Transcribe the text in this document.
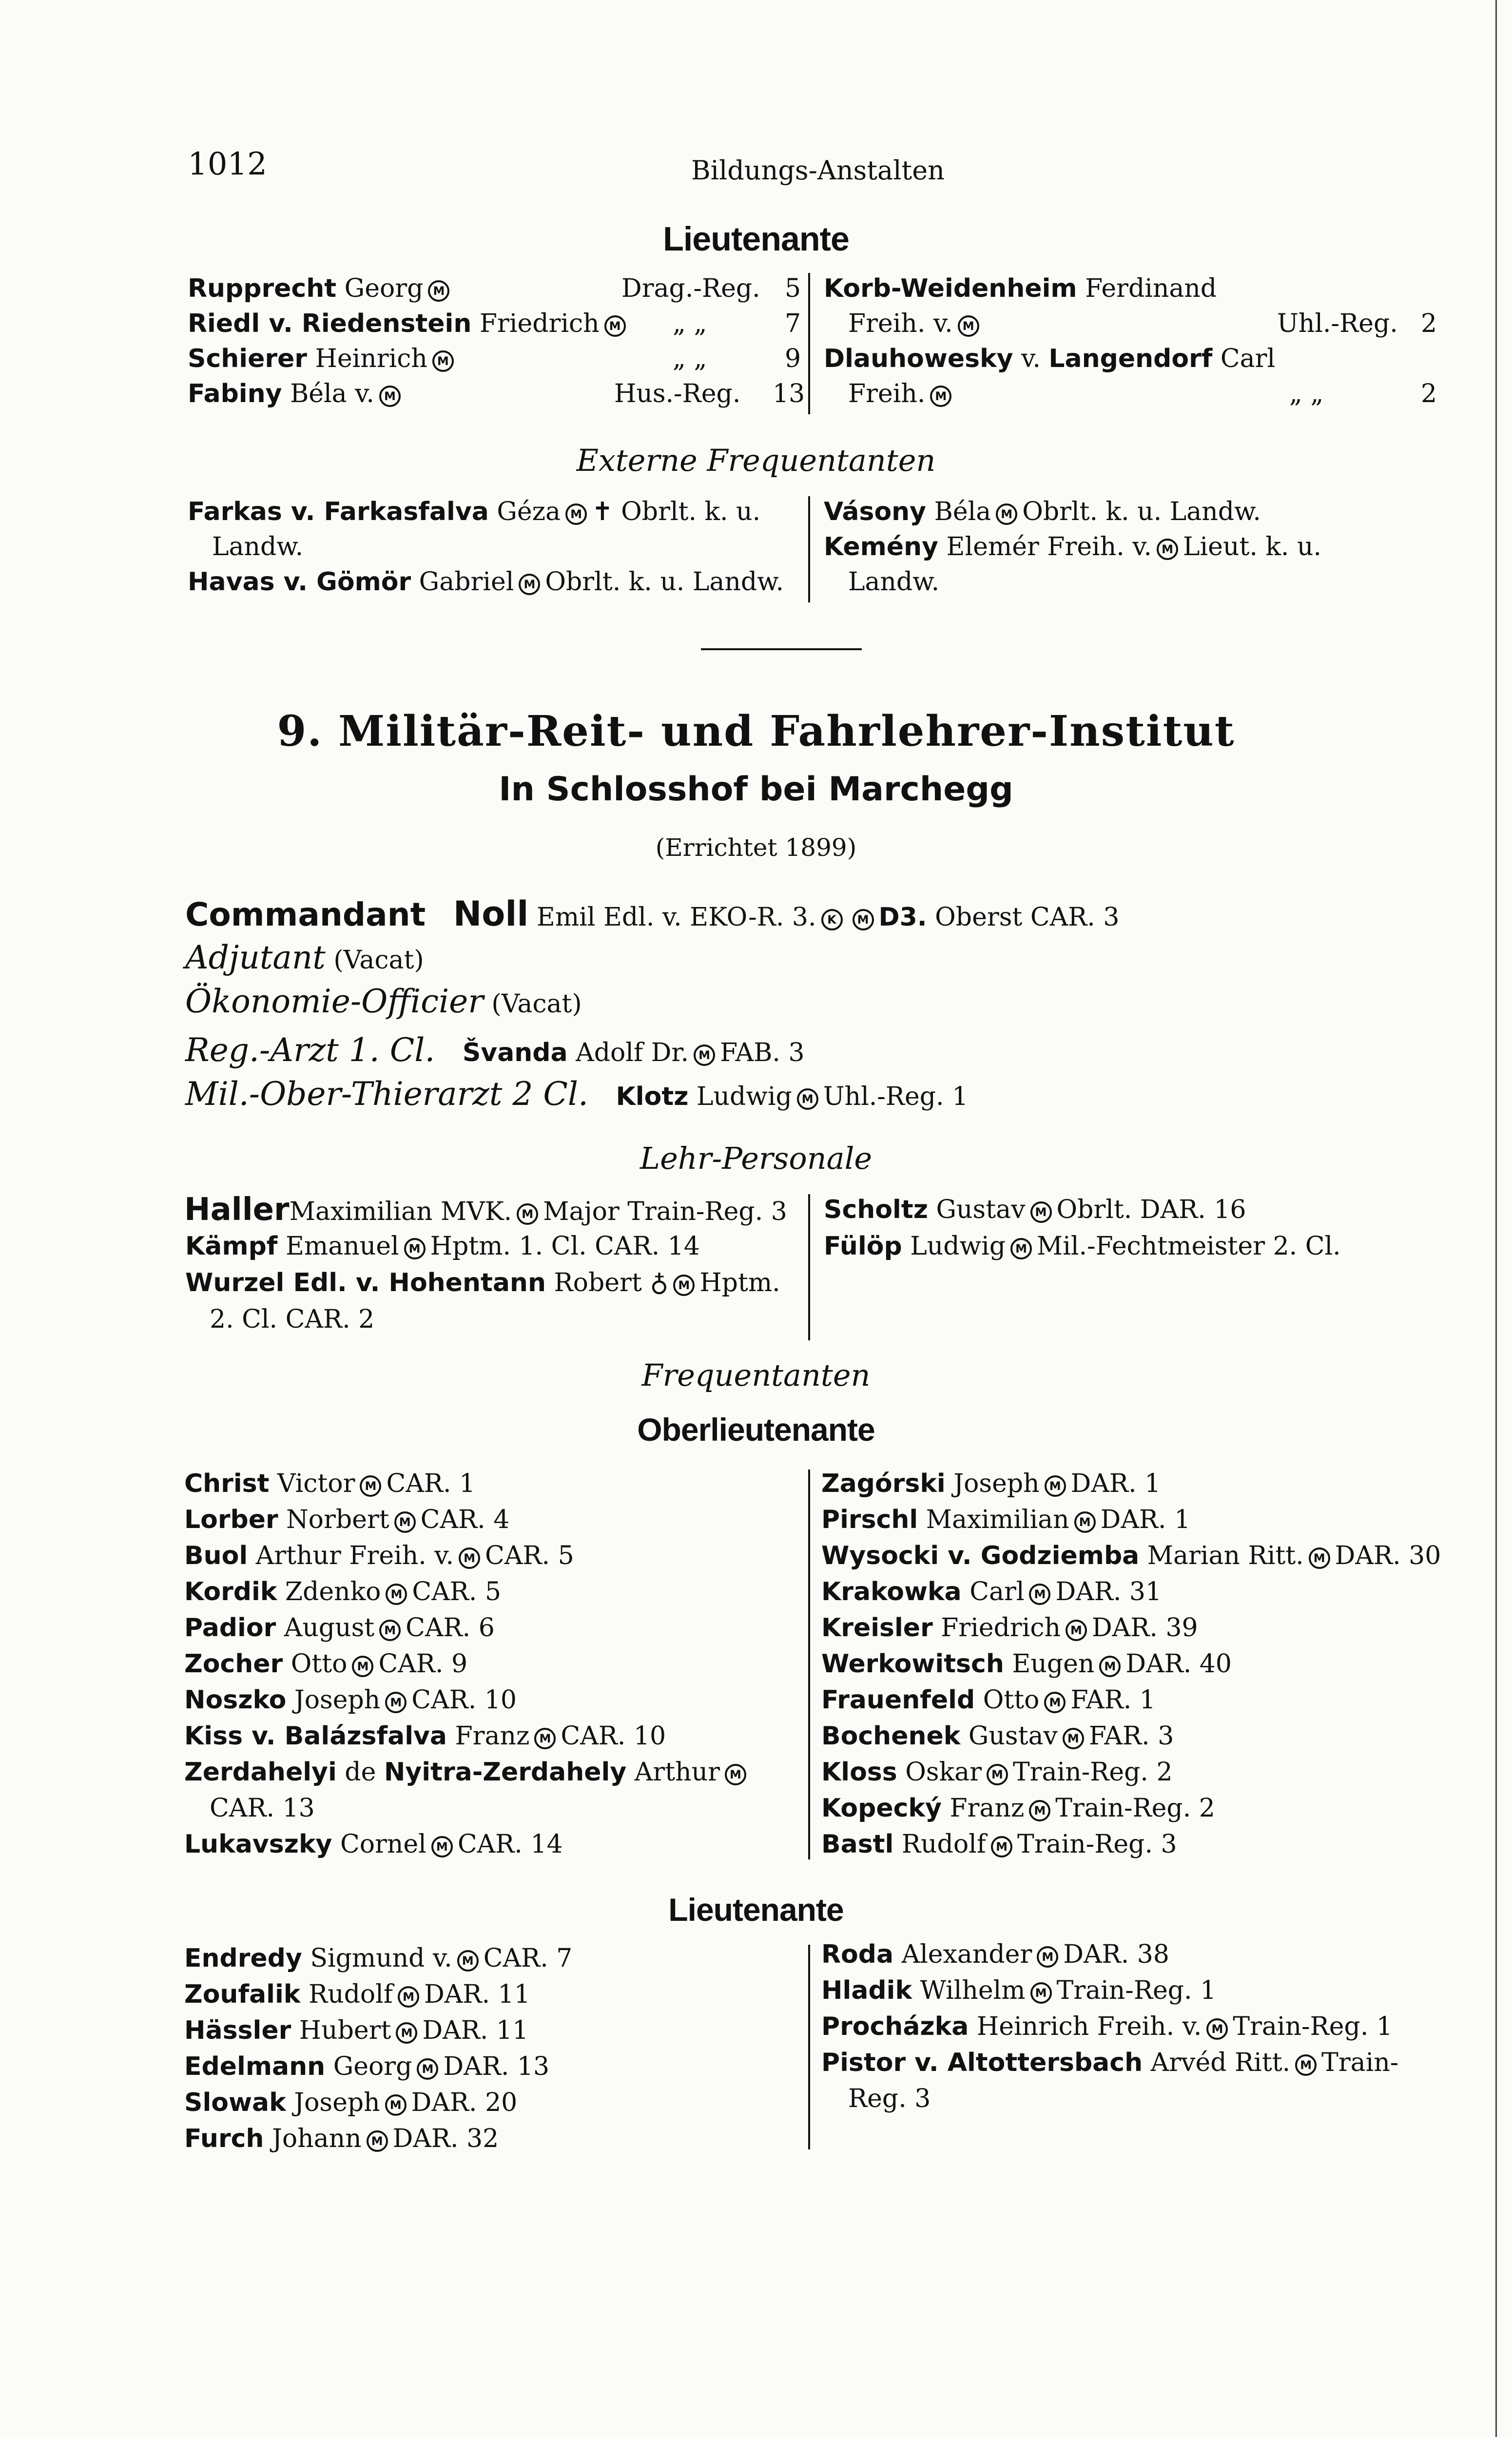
1012	Bildungs-Anstalten
Lieutenante
Rupprecht Georg M	Drag.-Reg. 5
Riedl v. Riedenstein Friedrich M	„ „	7
Schierer Heinrich M	„ „	9
Fabiny Béla v. M	Hus.-Reg. 13
Korb-Weidenheim Ferdinand
Freih. v. M	Uhl.-Reg. 2
Dlauhowesky v. Langendorf Carl
Freih. M	„ „	2
Externe Frequentanten
Farkas v. Farkasfalva Géza M ✝ Obrlt. k. u.
Landw.
Havas v. Gömör Gabriel M Obrlt. k. u. Landw.
Vásony Béla M Obrlt. k. u. Landw.
Kemény Elemér Freih. v. M Lieut. k. u.
Landw.
9. Militär-Reit- und Fahrlehrer-Institut
In Schlosshof bei Marchegg
(Errichtet 1899)
Commandant Noll Emil Edl. v. EKO-R. 3. K M D3. Oberst CAR. 3
Adjutant (Vacat)
Ökonomie-Officier (Vacat)
Reg.-Arzt 1. Cl. Švanda Adolf Dr. M FAB. 3
Mil.-Ober-Thierarzt 2 Cl. Klotz Ludwig M Uhl.-Reg. 1
Lehr-Personale
HallerMaximilian MVK. M Major Train-Reg. 3
Kämpf Emanuel M Hptm. 1. Cl. CAR. 14
Wurzel Edl. v. Hohentann Robert ♁ M Hptm.
2. Cl. CAR. 2
Scholtz Gustav M Obrlt. DAR. 16
Fülöp Ludwig M Mil.-Fechtmeister 2. Cl.
Frequentanten
Oberlieutenante
Christ Victor M CAR. 1
Lorber Norbert M CAR. 4
Buol Arthur Freih. v. M CAR. 5
Kordik Zdenko M CAR. 5
Padior August M CAR. 6
Zocher Otto M CAR. 9
Noszko Joseph M CAR. 10
Kiss v. Balázsfalva Franz M CAR. 10
Zerdahelyi de Nyitra-Zerdahely Arthur M
CAR. 13
Lukavszky Cornel M CAR. 14
Zagórski Joseph M DAR. 1
Pirschl Maximilian M DAR. 1
Wysocki v. Godziemba Marian Ritt. M DAR. 30
Krakowka Carl M DAR. 31
Kreisler Friedrich M DAR. 39
Werkowitsch Eugen M DAR. 40
Frauenfeld Otto M FAR. 1
Bochenek Gustav M FAR. 3
Kloss Oskar M Train-Reg. 2
Kopecký Franz M Train-Reg. 2
Bastl Rudolf M Train-Reg. 3
Lieutenante
Endredy Sigmund v. M CAR. 7
Zoufalik Rudolf M DAR. 11
Hässler Hubert M DAR. 11
Edelmann Georg M DAR. 13
Slowak Joseph M DAR. 20
Furch Johann M DAR. 32
Roda Alexander M DAR. 38
Hladik Wilhelm M Train-Reg. 1
Procházka Heinrich Freih. v. M Train-Reg. 1
Pistor v. Altottersbach Arvéd Ritt. M Train-
Reg. 3
